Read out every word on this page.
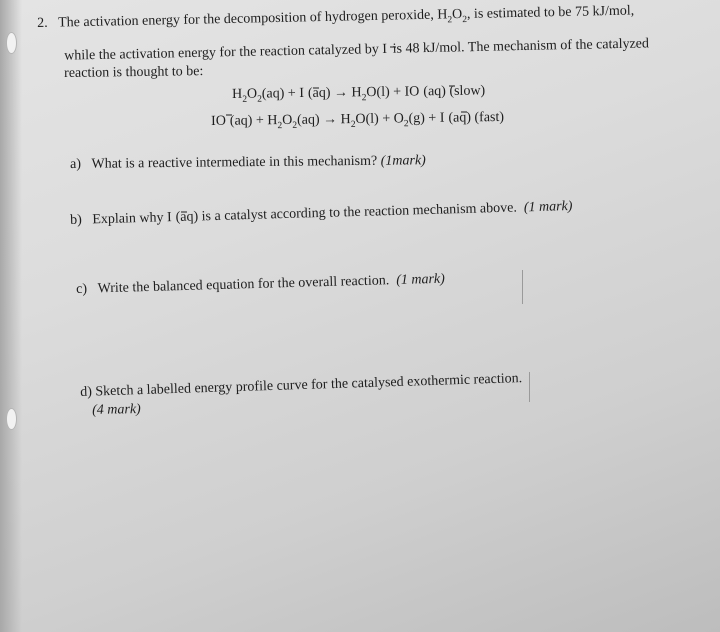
2. The activation energy for the decomposition of hydrogen peroxide, $H_2O_2$, is estimated to be 75 kJ/mol,
while the activation energy for the reaction catalyzed by I  is 48 kJ/mol. The mechanism of the catalyzed
reaction is thought to be:
$H_2O_2(aq) + I$ $(aq) \to H_2O(l)$ + IO (aq) (slow)
IO $(aq) + H_2O_2(aq) \to H_2O(l) + O_2(g) + I$ (aq) (fast)
a) What is a reactive intermediate in this mechanism? (1mark)
b) Explain why I (aq) is a catalyst according to the reaction mechanism above. (1 mark)
c) Write the balanced equation for the overall reaction. (1 mark)
d) Sketch a labelled energy profile curve for the catalysed exothermic reaction.
(4 mark)
